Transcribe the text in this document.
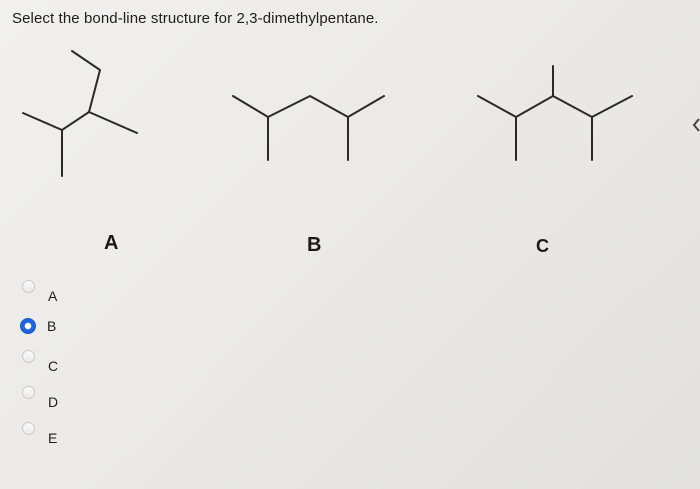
Select the bond-line structure for 2,3-dimethylpentane.
A	B	C
A
B
C
D
E
